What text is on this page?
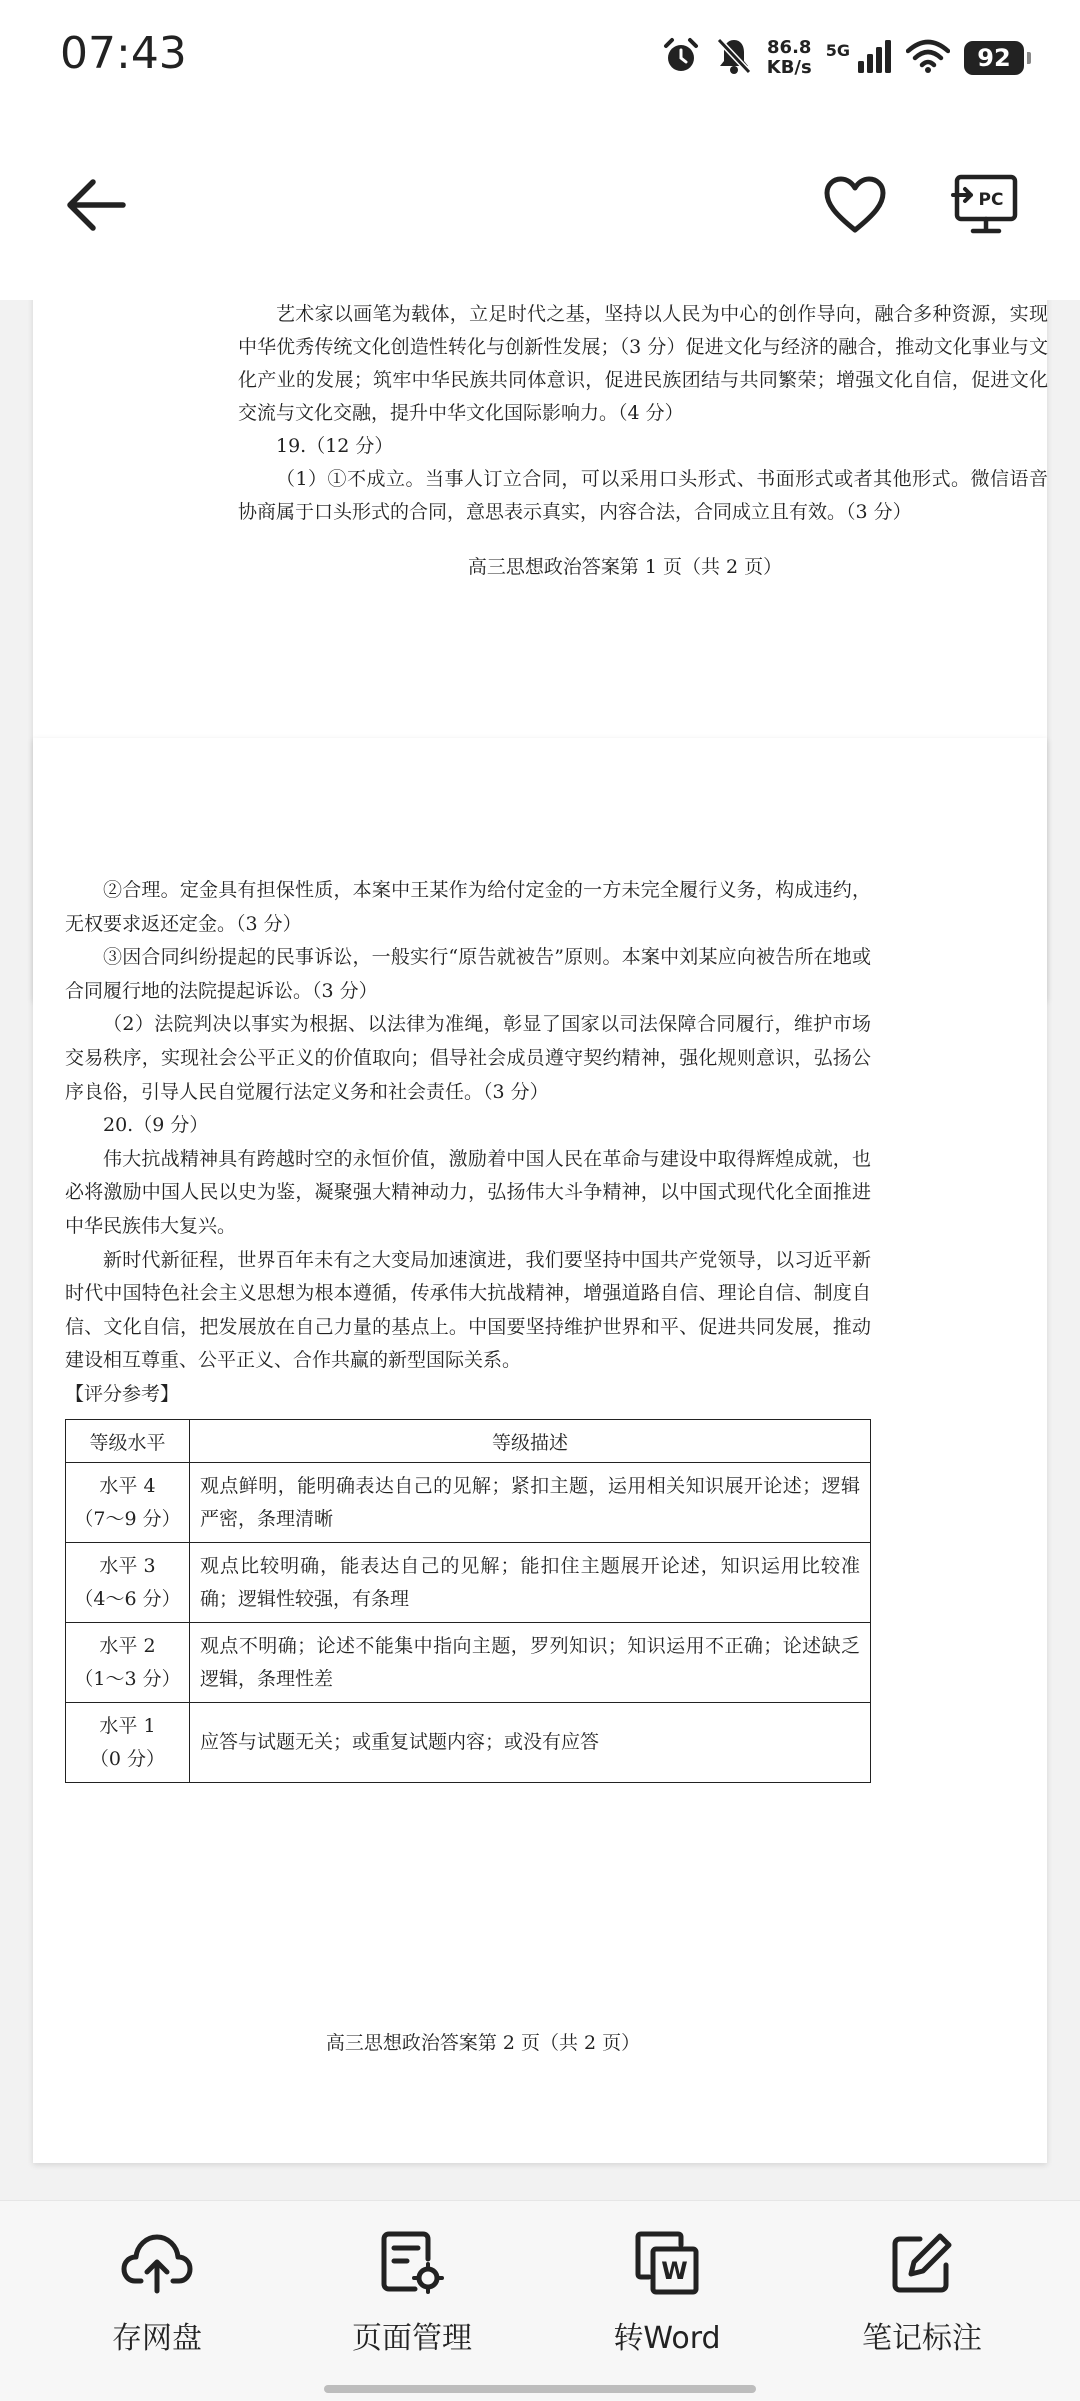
07:43	86.8
KB/s
5G	92
PC

艺术家以画笔为载体，立足时代之基，坚持以人民为中心的创作导向，融合多种资源，实现中华优秀传统文化创造性转化与创新性发展；（3 分）促进文化与经济的融合，推动文化事业与文化产业的发展；筑牢中华民族共同体意识，促进民族团结与共同繁荣；增强文化自信，促进文化交流与文化交融，提升中华文化国际影响力。（4 分）

19.（12 分）

（1）①不成立。当事人订立合同，可以采用口头形式、书面形式或者其他形式。微信语音协商属于口头形式的合同，意思表示真实，内容合法，合同成立且有效。（3 分）

高三思想政治答案第 1 页（共 2 页）

②合理。定金具有担保性质，本案中王某作为给付定金的一方未完全履行义务，构成违约，无权要求返还定金。（3 分）

③因合同纠纷提起的民事诉讼，一般实行“原告就被告”原则。本案中刘某应向被告所在地或合同履行地的法院提起诉讼。（3 分）

（2）法院判决以事实为根据、以法律为准绳，彰显了国家以司法保障合同履行，维护市场交易秩序，实现社会公平正义的价值取向；倡导社会成员遵守契约精神，强化规则意识，弘扬公序良俗，引导人民自觉履行法定义务和社会责任。（3 分）

20.（9 分）

伟大抗战精神具有跨越时空的永恒价值，激励着中国人民在革命与建设中取得辉煌成就，也必将激励中国人民以史为鉴，凝聚强大精神动力，弘扬伟大斗争精神，以中国式现代化全面推进中华民族伟大复兴。

新时代新征程，世界百年未有之大变局加速演进，我们要坚持中国共产党领导，以习近平新时代中国特色社会主义思想为根本遵循，传承伟大抗战精神，增强道路自信、理论自信、制度自信、文化自信，把发展放在自己力量的基点上。中国要坚持维护世界和平、促进共同发展，推动建设相互尊重、公平正义、合作共赢的新型国际关系。

【评分参考】

等级水平	等级描述

水平 4
（7～9 分）	观点鲜明，能明确表达自己的见解；紧扣主题，运用相关知识展开论述；逻辑严密，条理清晰

水平 3
（4～6 分）	观点比较明确，能表达自己的见解；能扣住主题展开论述，知识运用比较准确；逻辑性较强，有条理

水平 2
（1～3 分）	观点不明确；论述不能集中指向主题，罗列知识；知识运用不正确；论述缺乏逻辑，条理性差

水平 1
（0 分）	应答与试题无关；或重复试题内容；或没有应答
高三思想政治答案第 2 页（共 2 页）
存网盘	页面管理
W
转Word	笔记标注
